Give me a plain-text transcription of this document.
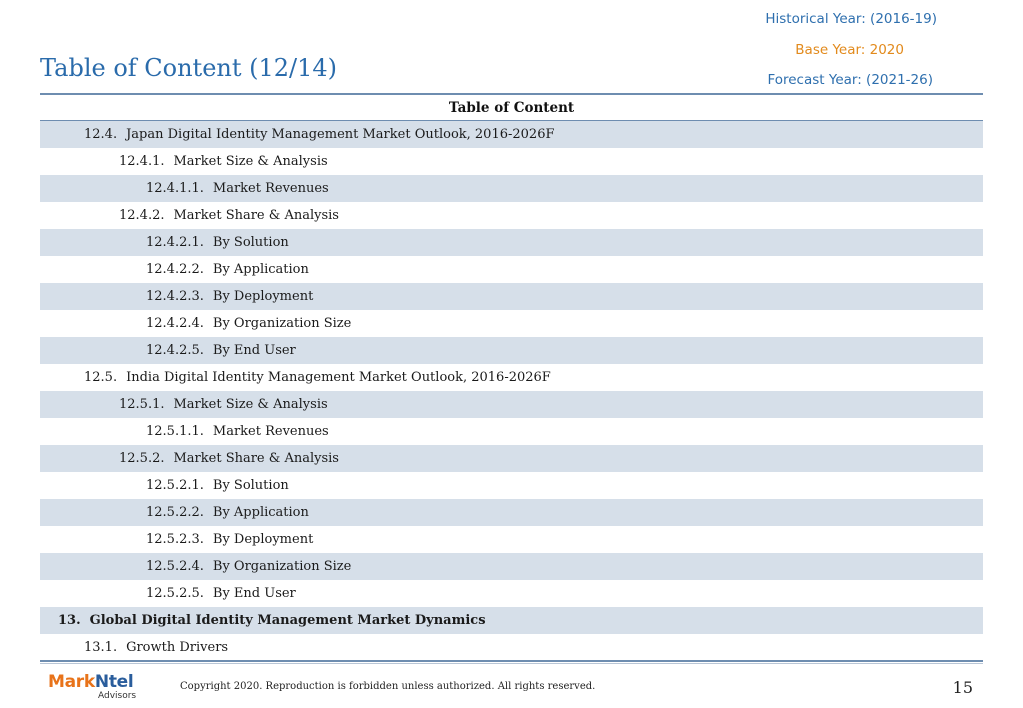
Historical Year: (2016-19)
Base Year: 2020
Forecast Year: (2021-26)
Table of Content (12/14)
Table of Content
12.4. Japan Digital Identity Management Market Outlook, 2016-2026F
12.4.1. Market Size & Analysis
12.4.1.1. Market Revenues
12.4.2. Market Share & Analysis
12.4.2.1. By Solution
12.4.2.2. By Application
12.4.2.3. By Deployment
12.4.2.4. By Organization Size
12.4.2.5. By End User
12.5. India Digital Identity Management Market Outlook, 2016-2026F
12.5.1. Market Size & Analysis
12.5.1.1. Market Revenues
12.5.2. Market Share & Analysis
12.5.2.1. By Solution
12.5.2.2. By Application
12.5.2.3. By Deployment
12.5.2.4. By Organization Size
12.5.2.5. By End User
13. Global Digital Identity Management Market Dynamics
13.1. Growth Drivers
MarkNtel
Advisors
Copyright 2020. Reproduction is forbidden unless authorized. All rights reserved.	15
